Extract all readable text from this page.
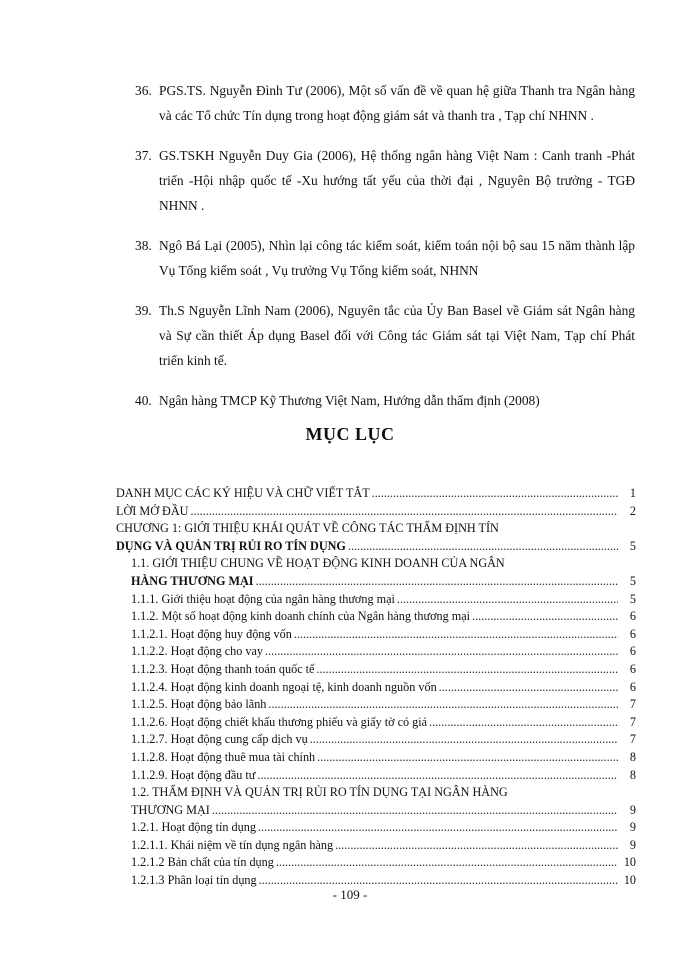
36. PGS.TS. Nguyễn Đình Tư (2006), Một số vấn đề về quan hệ giữa Thanh tra Ngân hàng và các Tổ chức Tín dụng trong hoạt động giám sát và thanh tra , Tạp chí NHNN .
37. GS.TSKH Nguyễn Duy Gia (2006), Hệ thống ngân hàng Việt Nam : Canh tranh -Phát triển -Hội nhập quốc tế -Xu hướng tất yếu của thời đại , Nguyên Bộ trưởng - TGĐ NHNN .
38. Ngô Bá Lại (2005), Nhìn lại công tác kiểm soát, kiểm toán nội bộ sau 15 năm thành lập Vụ Tổng kiểm soát , Vụ trưởng Vụ Tổng kiểm soát, NHNN
39. Th.S Nguyễn Lĩnh Nam (2006), Nguyên tắc của Ủy Ban Basel về Giám sát Ngân hàng và Sự cần thiết Áp dụng Basel đối với Công tác Giám sát tại Việt Nam, Tạp chí Phát triển kinh tế.
40. Ngân hàng TMCP Kỹ Thương Việt Nam, Hướng dẫn thẩm định (2008)
MỤC LỤC
DANH MỤC CÁC KÝ HIỆU VÀ CHỮ VIẾT TẮT .....	1
LỜI MỞ ĐẦU .....	2
CHƯƠNG 1: GIỚI THIỆU KHÁI QUÁT VỀ CÔNG TÁC THẨM ĐỊNH TÍN
DỤNG VÀ QUẢN TRỊ RỦI RO TÍN DỤNG .....	5
1.1. GIỚI THIỆU CHUNG VỀ HOẠT ĐỘNG KINH DOANH CỦA NGÂN
HÀNG THƯƠNG MẠI .....	5
1.1.1. Giới thiệu hoạt động của ngân hàng thương mại .....	5
1.1.2. Một số hoạt động kinh doanh chính của Ngân hàng thương mại .....	6
1.1.2.1. Hoạt động huy động vốn .....	6
1.1.2.2. Hoạt động cho vay .....	6
1.1.2.3. Hoạt động thanh toán quốc tế .....	6
1.1.2.4. Hoạt động kinh doanh ngoại tệ, kinh doanh nguồn vốn .....	6
1.1.2.5. Hoạt động bảo lãnh .....	7
1.1.2.6. Hoạt động chiết khấu thương phiếu và giấy tờ có giá .....	7
1.1.2.7. Hoạt động cung cấp dịch vụ .....	7
1.1.2.8. Hoạt động thuê mua tài chính .....	8
1.1.2.9. Hoạt động đầu tư .....	8
1.2. THẨM ĐỊNH VÀ QUẢN TRỊ RỦI RO TÍN DỤNG TẠI NGÂN HÀNG
THƯƠNG MẠI .....	9
1.2.1. Hoạt động tín dụng .....	9
1.2.1.1. Khái niệm về tín dụng ngân hàng .....	9
1.2.1.2 Bản chất của tín dụng .....	10
1.2.1.3 Phân loại tín dụng .....	10
- 109 -
